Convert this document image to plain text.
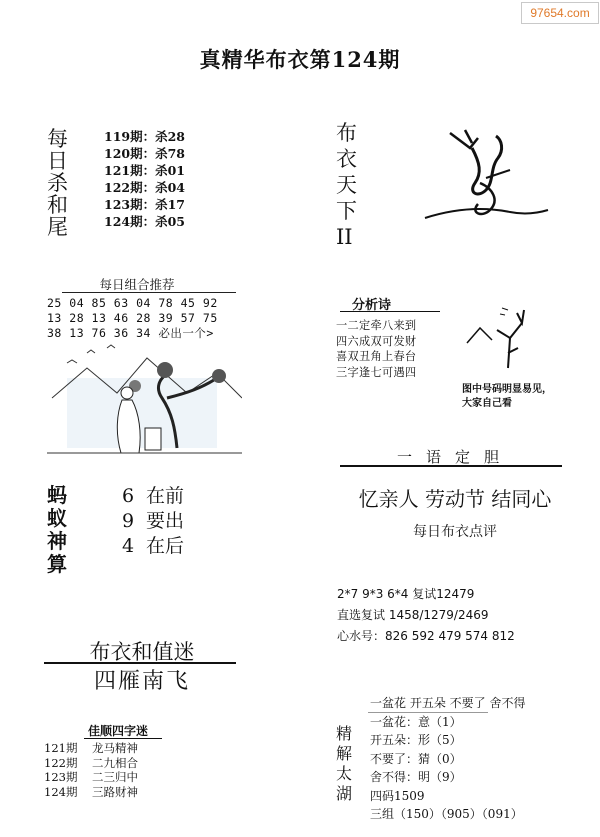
97654.com
真精华布衣第124期
每
日
杀
和
尾
119期：杀28
120期：杀78
121期：杀01
122期：杀04
123期：杀17
124期：杀05
每日组合推荐
25 04 85 63 04 78 45 92
13 28 13 46 28 39 57 75
38 13 76 36 34 必出一个>
蚂
蚁
神
算
6 在前
9 要出
4 在后
布衣和值迷
四雁南飞
佳顺四字迷
121期 龙马精神
122期 二九相合
123期 二三归中
124期 三路财神
布
衣
天
下
II
分析诗
一二定牵八来到
四六成双可发财
喜双丑角上春台
三字逢七可遇四
图中号码明显易见，
大家自己看
一语定胆
忆亲人 劳动节 结同心
每日布衣点评
2*7 9*3 6*4 复试12479
直选复试 1458/1279/2469
心水号：826 592 479 574 812
精
解
太
湖
一盆花 开五朵 不要了 舍不得
一盆花：意（1）
开五朵：形（5）
不要了：猜（0）
舍不得：明（9）
四码1509
三组（150）（905）（091）
